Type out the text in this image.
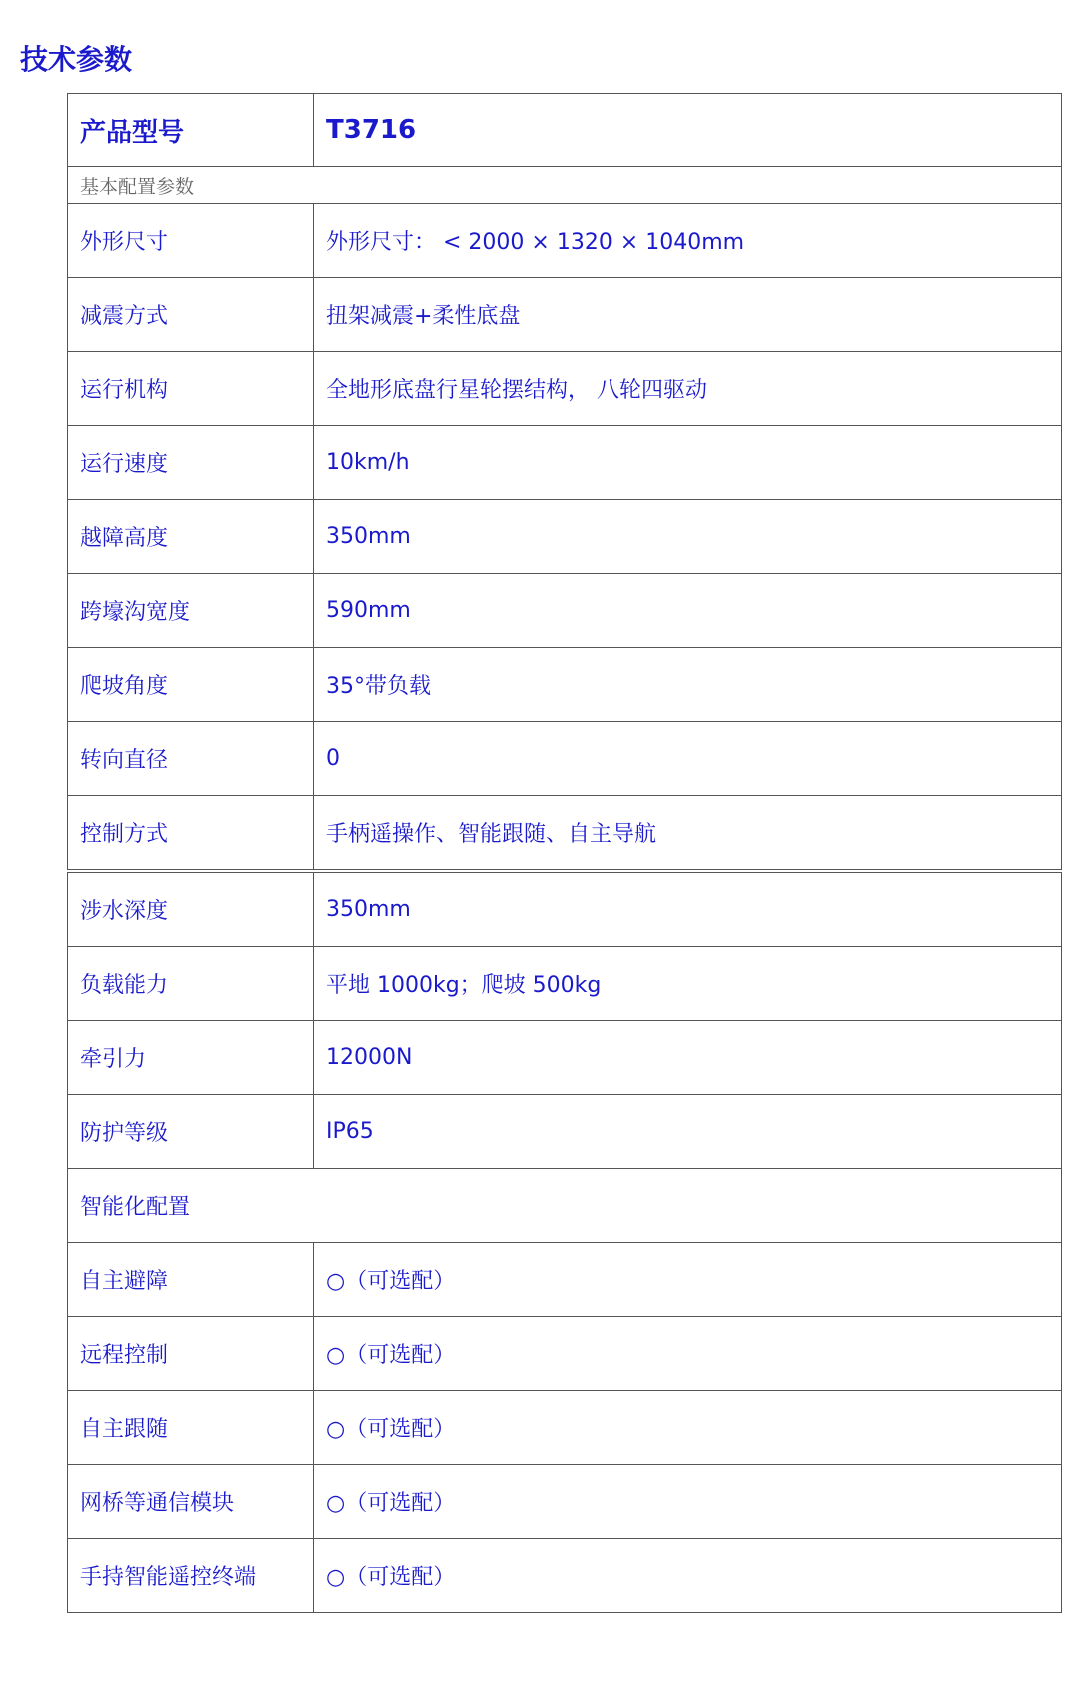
技术参数
产品型号	T3716
基本配置参数	
外形尺寸	外形尺寸： < 2000 × 1320 × 1040mm
减震方式	扭架减震+柔性底盘
运行机构	全地形底盘行星轮摆结构， 八轮四驱动
运行速度	10km/h
越障高度	350mm
跨壕沟宽度	590mm
爬坡角度	35°带负载
转向直径	0
控制方式	手柄遥操作、智能跟随、自主导航
涉水深度	350mm
负载能力	平地 1000kg；爬坡 500kg
牵引力	12000N
防护等级	IP65
智能化配置	
自主避障	○（可选配）
远程控制	○（可选配）
自主跟随	○（可选配）
网桥等通信模块	○（可选配）
手持智能遥控终端	○（可选配）
